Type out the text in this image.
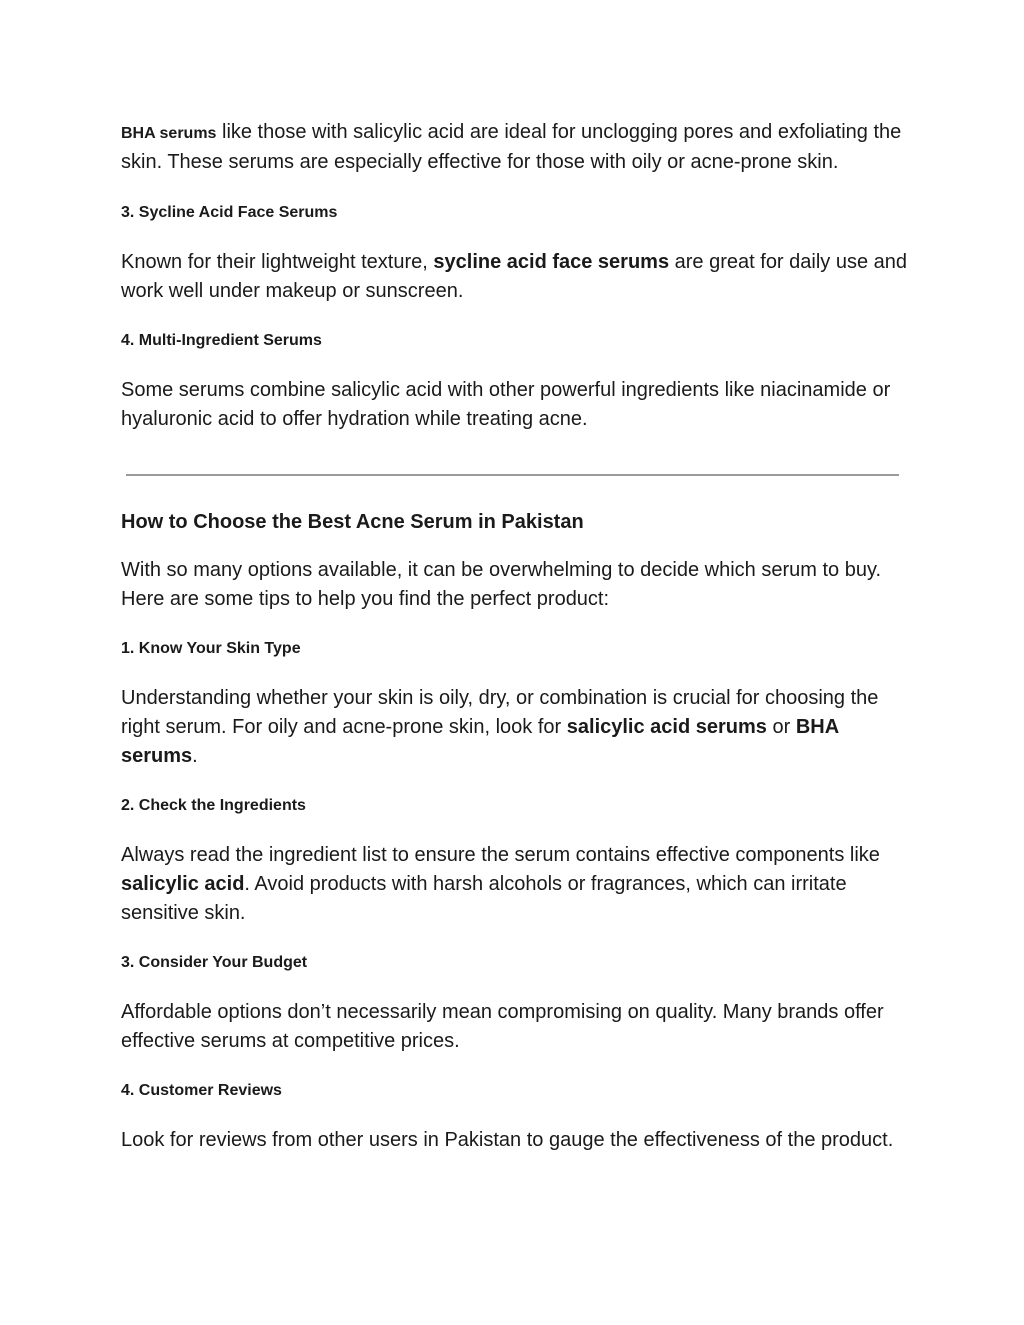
BHA serums like those with salicylic acid are ideal for unclogging pores and exfoliating the skin. These serums are especially effective for those with oily or acne-prone skin.

3. Sycline Acid Face Serums

Known for their lightweight texture, sycline acid face serums are great for daily use and work well under makeup or sunscreen.

4. Multi-Ingredient Serums

Some serums combine salicylic acid with other powerful ingredients like niacinamide or hyaluronic acid to offer hydration while treating acne.

How to Choose the Best Acne Serum in Pakistan

With so many options available, it can be overwhelming to decide which serum to buy. Here are some tips to help you find the perfect product:

1. Know Your Skin Type

Understanding whether your skin is oily, dry, or combination is crucial for choosing the right serum. For oily and acne-prone skin, look for salicylic acid serums or BHA serums.

2. Check the Ingredients

Always read the ingredient list to ensure the serum contains effective components like salicylic acid. Avoid products with harsh alcohols or fragrances, which can irritate sensitive skin.

3. Consider Your Budget

Affordable options don’t necessarily mean compromising on quality. Many brands offer effective serums at competitive prices.

4. Customer Reviews

Look for reviews from other users in Pakistan to gauge the effectiveness of the product.
